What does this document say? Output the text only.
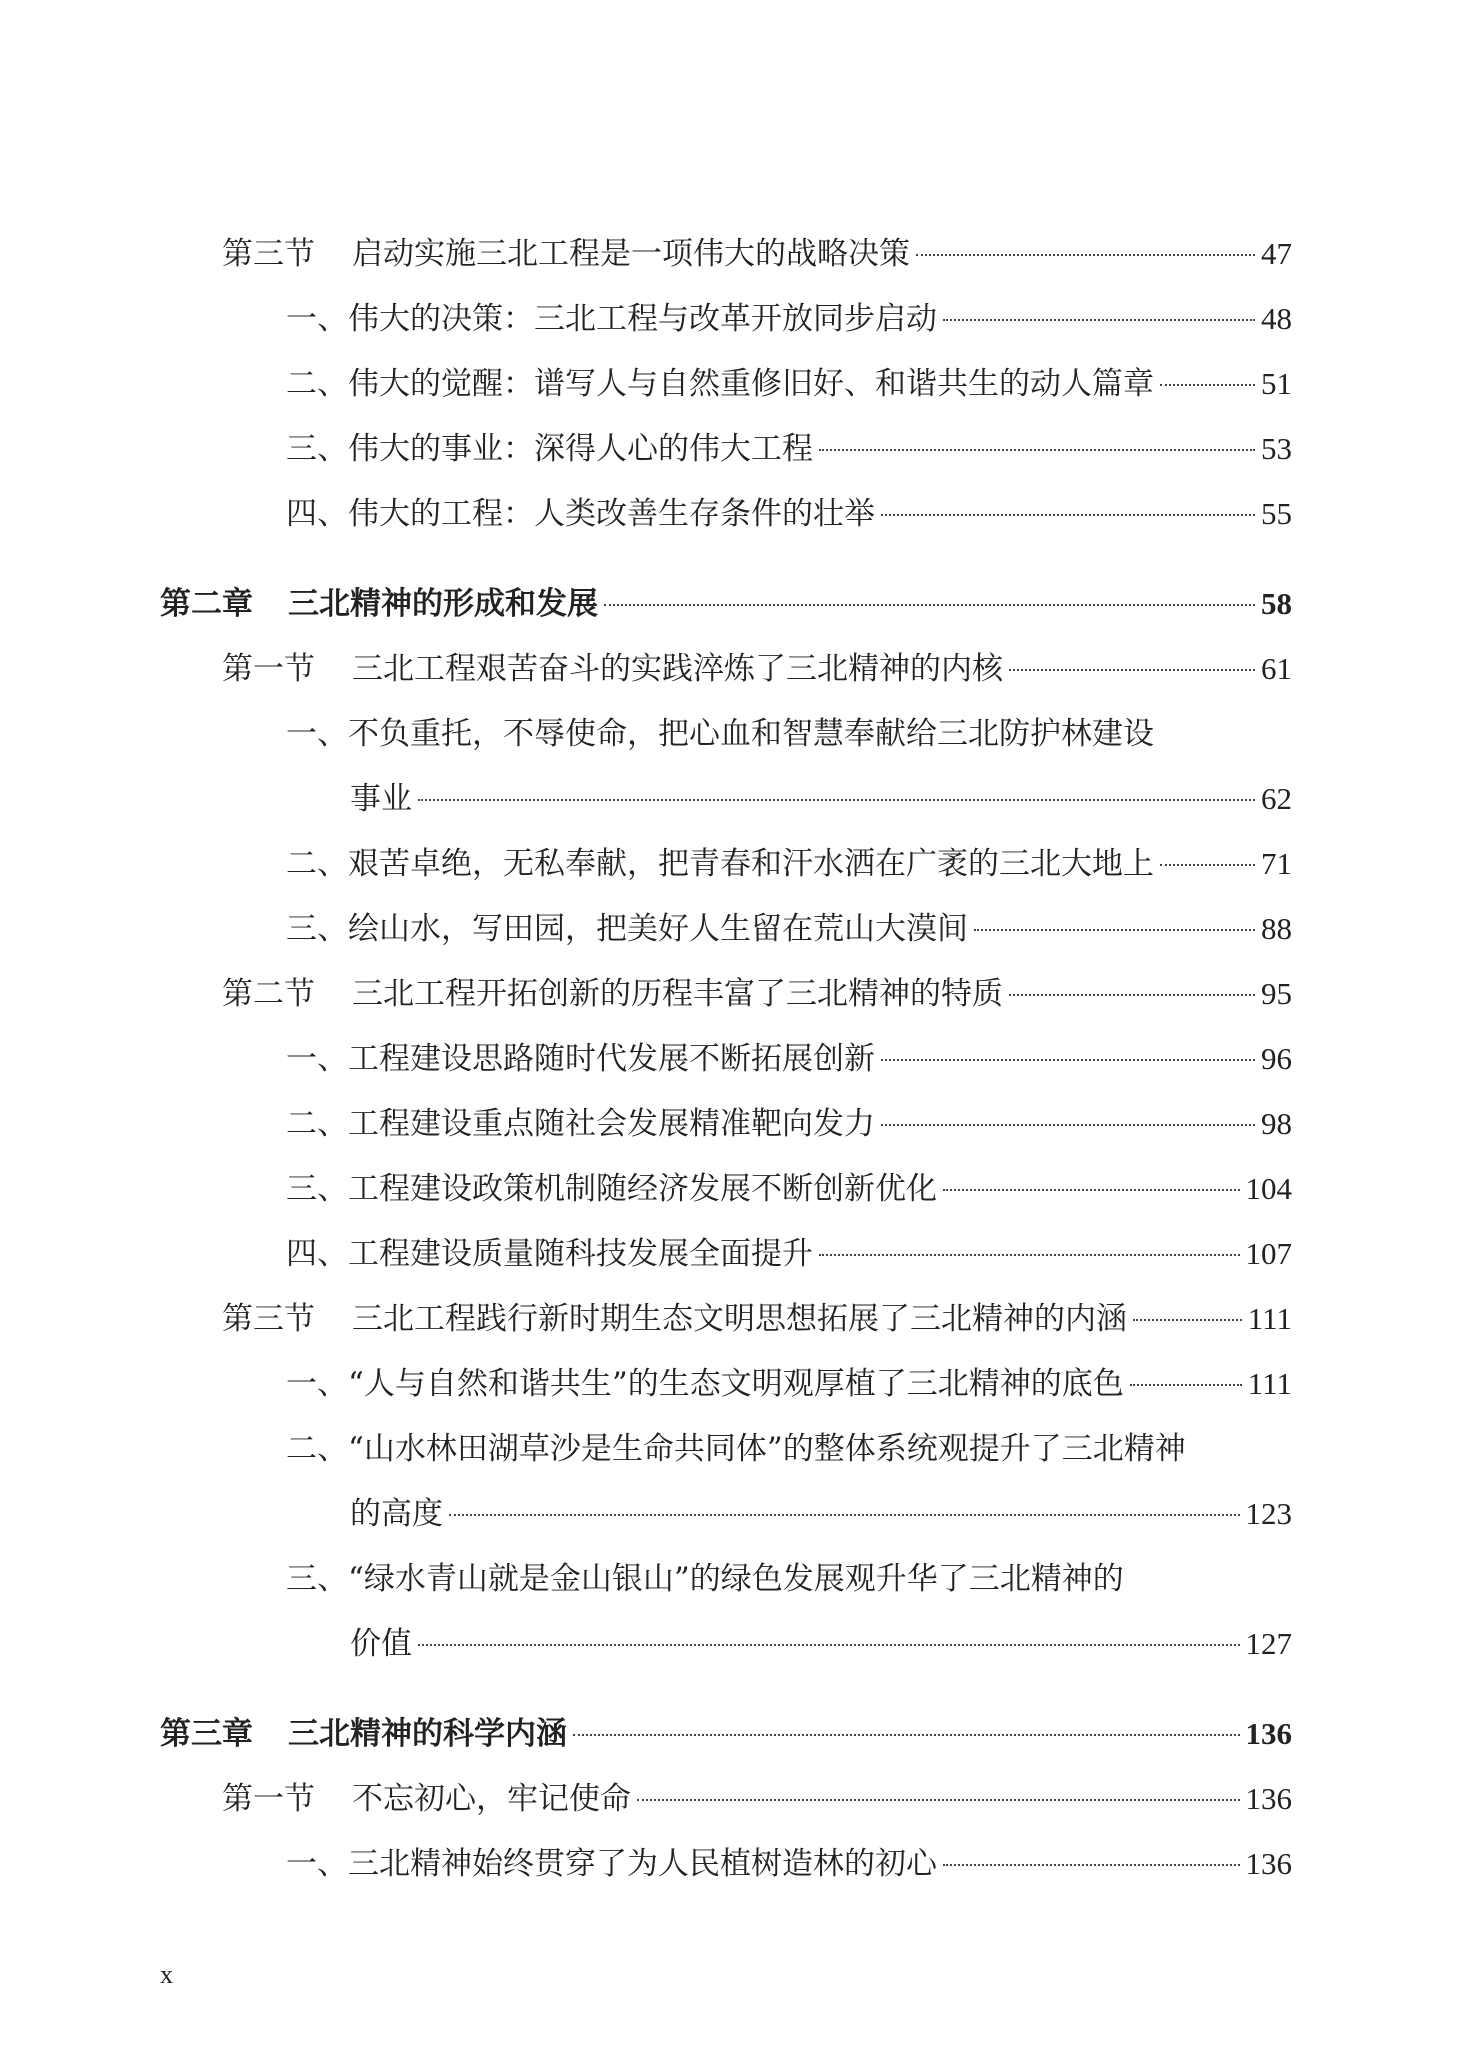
第三节 启动实施三北工程是一项伟大的战略决策	47
一、伟大的决策：三北工程与改革开放同步启动	48
二、伟大的觉醒：谱写人与自然重修旧好、和谐共生的动人篇章	51
三、伟大的事业：深得人心的伟大工程	53
四、伟大的工程：人类改善生存条件的壮举	55
第二章 三北精神的形成和发展	58
第一节 三北工程艰苦奋斗的实践淬炼了三北精神的内核	61
一、不负重托，不辱使命，把心血和智慧奉献给三北防护林建设
事业	62
二、艰苦卓绝，无私奉献，把青春和汗水洒在广袤的三北大地上	71
三、绘山水，写田园，把美好人生留在荒山大漠间	88
第二节 三北工程开拓创新的历程丰富了三北精神的特质	95
一、工程建设思路随时代发展不断拓展创新	96
二、工程建设重点随社会发展精准靶向发力	98
三、工程建设政策机制随经济发展不断创新优化	104
四、工程建设质量随科技发展全面提升	107
第三节 三北工程践行新时期生态文明思想拓展了三北精神的内涵	111
一、“人与自然和谐共生”的生态文明观厚植了三北精神的底色	111
二、“山水林田湖草沙是生命共同体”的整体系统观提升了三北精神
的高度	123
三、“绿水青山就是金山银山”的绿色发展观升华了三北精神的
价值	127
第三章 三北精神的科学内涵	136
第一节 不忘初心，牢记使命	136
一、三北精神始终贯穿了为人民植树造林的初心	136
x
